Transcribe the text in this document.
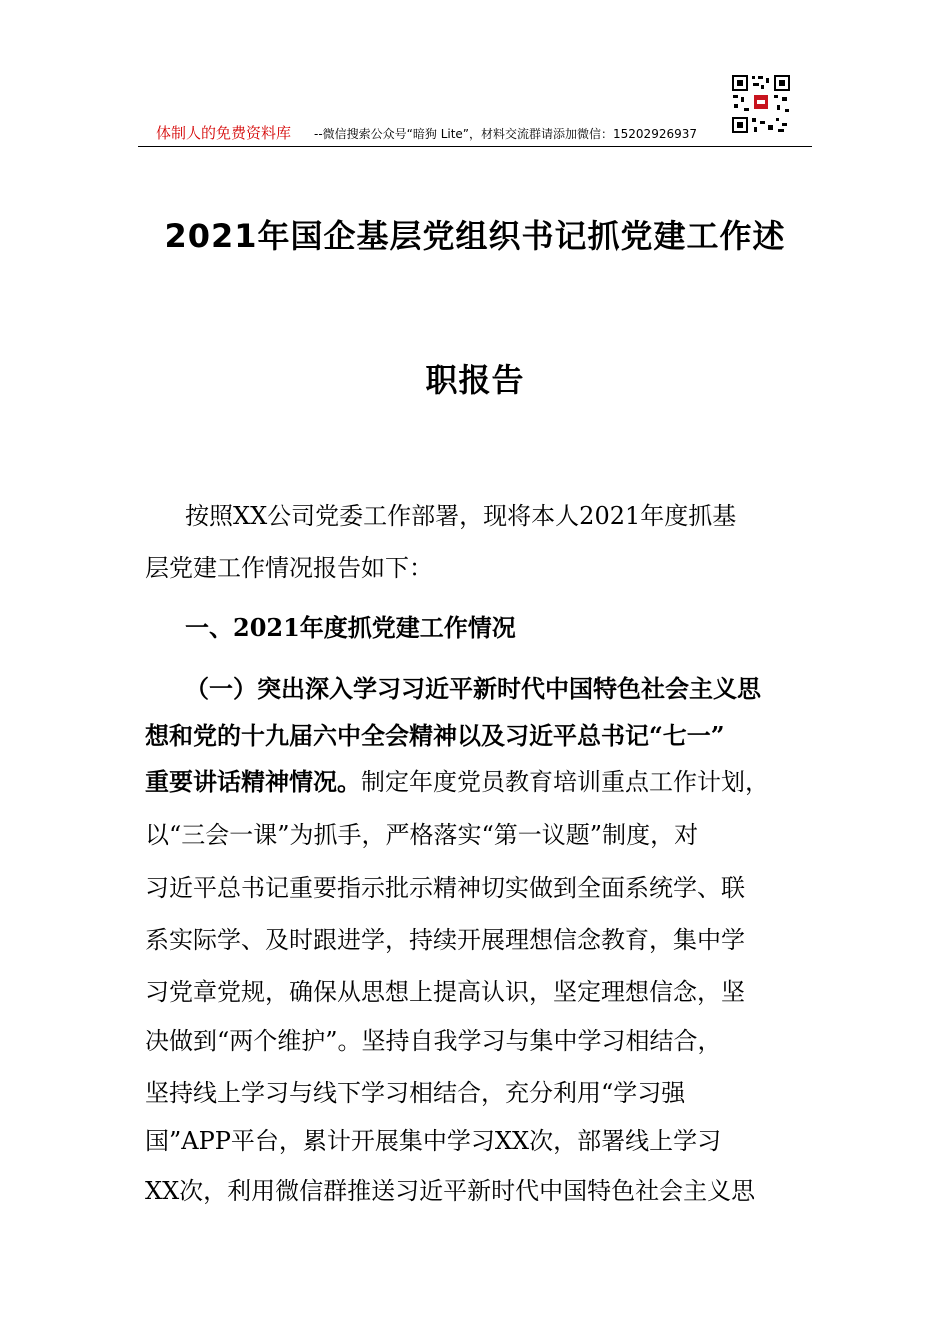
体制人的免费资料库 --微信搜索公众号“暗狗 Lite”，材料交流群请添加微信：15202926937
2021年国企基层党组织书记抓党建工作述
职报告
按照XX公司党委工作部署，现将本人2021年度抓基
层党建工作情况报告如下：
一、2021年度抓党建工作情况
（一）突出深入学习习近平新时代中国特色社会主义思
想和党的十九届六中全会精神以及习近平总书记“七一”
重要讲话精神情况。制定年度党员教育培训重点工作计划，
以“三会一课”为抓手，严格落实“第一议题”制度，对
习近平总书记重要指示批示精神切实做到全面系统学、联
系实际学、及时跟进学，持续开展理想信念教育，集中学
习党章党规，确保从思想上提高认识，坚定理想信念，坚
决做到“两个维护”。坚持自我学习与集中学习相结合，
坚持线上学习与线下学习相结合，充分利用“学习强
国”APP平台，累计开展集中学习XX次，部署线上学习
XX次，利用微信群推送习近平新时代中国特色社会主义思
